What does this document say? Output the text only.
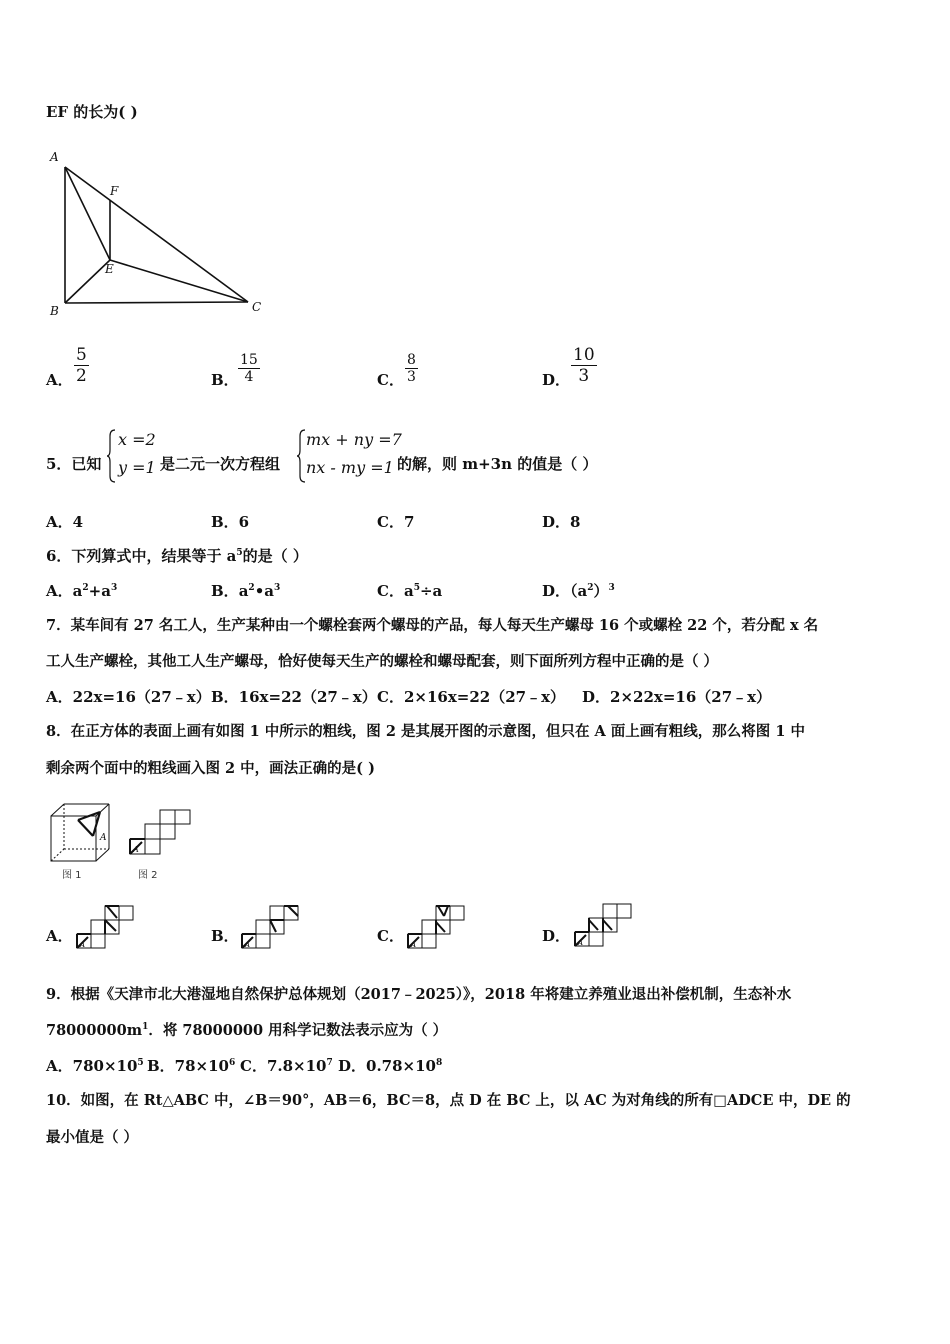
EF 的长为( )
A
F
E
B	C
A． $\frac{5}{2}$	B． $\frac{15}{4}$	C． $\frac{8}{3}$	D． $\frac{10}{3}$
5．已知
x =2
y =1 是二元一次方程组
mx + ny =7
nx - my =1 的解，则 m+3n 的值是（ ）
A．4	B．6	C．7	D．8
6．下列算式中，结果等于 $a^5$的是（ ）
A．$a^2+a^3$	B．$a^2•a^3$	C．$a^5\div a$	D．$(a^2)^3$
7．某车间有 27 名工人，生产某种由一个螺栓套两个螺母的产品，每人每天生产螺母 16 个或螺栓 22 个，若分配 x 名
工人生产螺栓，其他工人生产螺母，恰好使每天生产的螺栓和螺母配套，则下面所列方程中正确的是（ ）
A．22x=16（27﹣x） B．16x=22（27﹣x） C．2×16x=22（27﹣x） D．2×22x=16（27﹣x）
8．在正方体的表面上画有如图 1 中所示的粗线，图 2 是其展开图的示意图，但只在 A 面上画有粗线，那么将图 1 中
剩余两个面中的粗线画入图 2 中，画法正确的是( )
A
图 1
A
图 2
A． A	B． A	C． A	D． A
9．根据《天津市北大港湿地自然保护总体规划（2017﹣2025）》，2018 年将建立养殖业退出补偿机制，生态补水
$78000000m^1$．将 78000000 用科学记数法表示应为（ ）
A．$780\times 10^5$ B．$78\times 10^6$ C．$7.8\times 10^7$ D．$0.78\times 10^8$
10．如图，在 Rt△ABC 中，∠B＝90°，AB＝6，BC＝8，点 D 在 BC 上，以 AC 为对角线的所有□ADCE 中，DE 的
最小值是（ ）
